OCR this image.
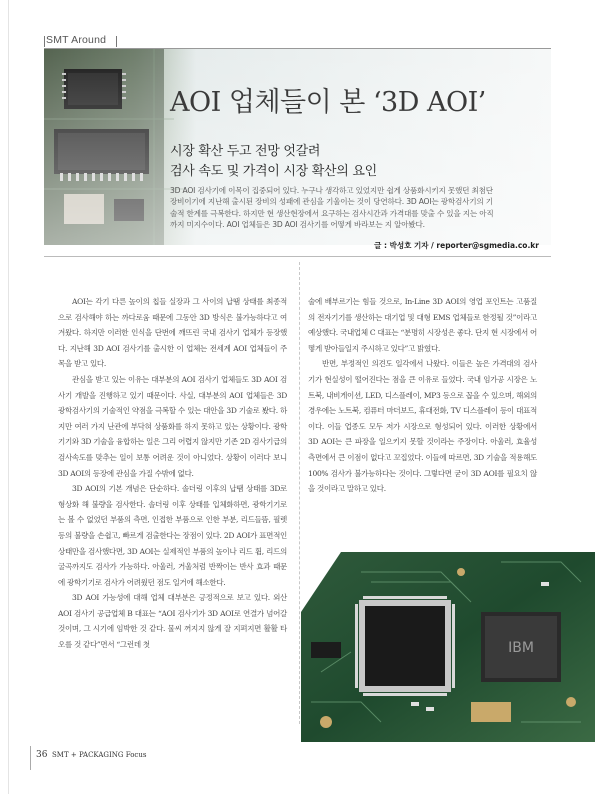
SMT Around
AOI 업체들이 본 ‘3D AOI’
시장 확산 두고 전망 엇갈려
검사 속도 및 가격이 시장 확산의 요인
3D AOI 검사기에 이목이 집중되어 있다. 누구나 생각하고 있었지만 쉽게 상품화시키지 못했던 최첨단
장비이기에 지난해 출시된 장비의 성패에 관심을 기울이는 것이 당연하다. 3D AOI는 광학검사기의 기
술적 한계를 극복한다. 하지만 현 생산현장에서 요구하는 검사시간과 가격대를 맞출 수 있을 지는 아직
까지 미지수이다. AOI 업체들은 3D AOI 검사기를 어떻게 바라보는 지 알아봤다.
글 : 박성호 기자 / reporter@sgmedia.co.kr

AOI는 각기 다른 높이의 칩들 실장과 그 사이의 납땜 상태를 최종적으로 검사해야 하는 까다로움 때문에 그동안 3D 방식은 불가능하다고 여겨왔다. 하지만 이러한 인식을 단번에 깨뜨린 국내 검사기 업체가 등장했다. 지난해 3D AOI 검사기를 출시한 이 업체는 전세계 AOI 업체들이 주목을 받고 있다.

관심을 받고 있는 이유는 대부분의 AOI 검사기 업체들도 3D AOI 검사기 개발을 진행하고 있기 때문이다. 사실, 대부분의 AOI 업체들은 3D 광학검사기의 기술적인 약점을 극복할 수 있는 대안을 3D 기술로 봤다. 하지만 여러 가지 난관에 부닥혀 상품화를 하지 못하고 있는 상황이다. 광학기기와 3D 기술을 융합하는 일은 그리 어렵지 않지만 기존 2D 검사기급의 검사속도를 맞추는 일이 보통 어려운 것이 아니었다. 상황이 이러다 보니 3D AOI의 등장에 관심을 가질 수밖에 없다.

3D AOI의 기본 개념은 단순하다. 솔더링 이후의 납땜 상태를 3D로 형상화 해 불량을 검사한다. 솔더링 이후 상태를 입체화하면, 광학기기로는 볼 수 없었던 부품의 측면, 인접한 부품으로 인한 부분, 리드들뜸, 필렛 등의 불량을 손쉽고, 빠르게 검출한다는 장점이 있다. 2D AOI가 표면적인 상태만을 검사했다면, 3D AOI는 실제적인 부품의 높이나 리드 휨, 리드의 굴곡까지도 검사가 가능하다. 아울러, 거울처럼 반짝이는 반사 효과 때문에 광학기기로 검사가 어려웠던 점도 일거에 해소한다.

3D AOI 가능성에 대해 업체 대부분은 긍정적으로 보고 있다. 외산 AOI 검사기 공급업체 B 대표는 “AOI 검사기가 3D AOI로 연결가 넘어갈 것이며, 그 시기에 임박한 것 같다. 물씨 꺼지지 않게 잘 지펴지면 활활 타오를 것 같다”면서 “그런데 첫

술에 배부르기는 힘들 것으로, In-Line 3D AOI의 영업 포인트는 고품질의 전자기기를 생산하는 대기업 및 대형 EMS 업체들로 한정될 것”이라고 예상했다. 국내업체 C 대표는 “분명히 시장성은 좋다. 단지 현 시장에서 어떻게 받아들일지 주시하고 있다”고 밝혔다.

반면, 부정적인 의견도 일각에서 나왔다. 이들은 높은 가격대의 검사기가 현실성이 떨어진다는 점을 큰 이유로 들었다. 국내 임가공 시장은 노트북, 내비게이션, LED, 디스플레이, MP3 등으로 꼽을 수 있으며, 해외의 경우에는 노트북, 컴퓨터 마더보드, 휴대전화, TV 디스플레이 등이 대표적이다. 이들 업종도 모두 저가 시장으로 형성되어 있다. 이러한 상황에서 3D AOI는 큰 파장을 일으키지 못할 것이라는 주장이다. 아울러, 효율성 측면에서 큰 이점이 없다고 꼬집었다. 이들에 따르면, 3D 기술을 적용해도 100% 검사가 불가능하다는 것이다. 그렇다면 굳이 3D AOI를 필요치 않을 것이라고 말하고 있다.

IBM
36 SMT + PACKAGING Focus
